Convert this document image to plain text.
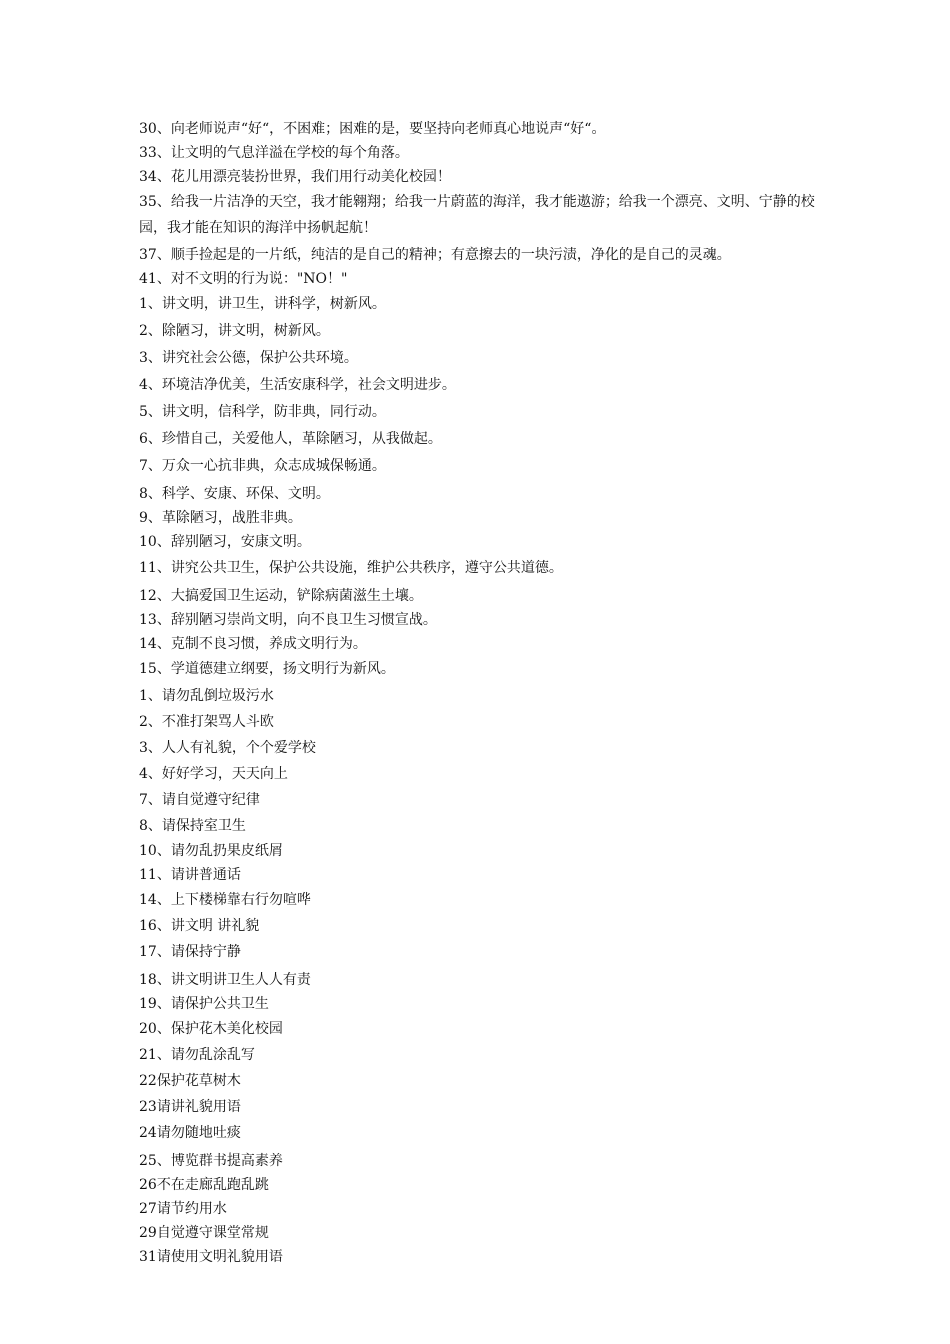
30、向老师说声“好“，不困难；困难的是，要坚持向老师真心地说声“好“。

33、让文明的气息洋溢在学校的每个角落。

34、花儿用漂亮装扮世界，我们用行动美化校园！

35、给我一片洁净的天空，我才能翱翔；给我一片蔚蓝的海洋，我才能遨游；给我一个漂亮、文明、宁静的校园，我才能在知识的海洋中扬帆起航！

37、顺手捡起是的一片纸，纯洁的是自己的精神；有意擦去的一块污渍，净化的是自己的灵魂。

41、对不文明的行为说："NO！"

1、讲文明，讲卫生，讲科学，树新风。

2、除陋习，讲文明，树新风。

3、讲究社会公德，保护公共环境。

4、环境洁净优美，生活安康科学，社会文明进步。

5、讲文明，信科学，防非典，同行动。

6、珍惜自己，关爱他人，革除陋习，从我做起。

7、万众一心抗非典，众志成城保畅通。

8、科学、安康、环保、文明。

9、革除陋习，战胜非典。

10、辞别陋习，安康文明。

11、讲究公共卫生，保护公共设施，维护公共秩序，遵守公共道德。

12、大搞爱国卫生运动，铲除病菌滋生土壤。

13、辞别陋习崇尚文明，向不良卫生习惯宣战。

14、克制不良习惯，养成文明行为。

15、学道德建立纲要，扬文明行为新风。

1、请勿乱倒垃圾污水

2、不准打架骂人斗欧

3、人人有礼貌，个个爱学校

4、好好学习，天天向上

7、请自觉遵守纪律

8、请保持室卫生

10、请勿乱扔果皮纸屑

11、请讲普通话

14、上下楼梯靠右行勿喧哗

16、讲文明 讲礼貌

17、请保持宁静

18、讲文明讲卫生人人有责

19、请保护公共卫生

20、保护花木美化校园

21、请勿乱涂乱写

22保护花草树木

23请讲礼貌用语

24请勿随地吐痰

25、博览群书提高素养

26不在走廊乱跑乱跳

27请节约用水

29自觉遵守课堂常规

31请使用文明礼貌用语
